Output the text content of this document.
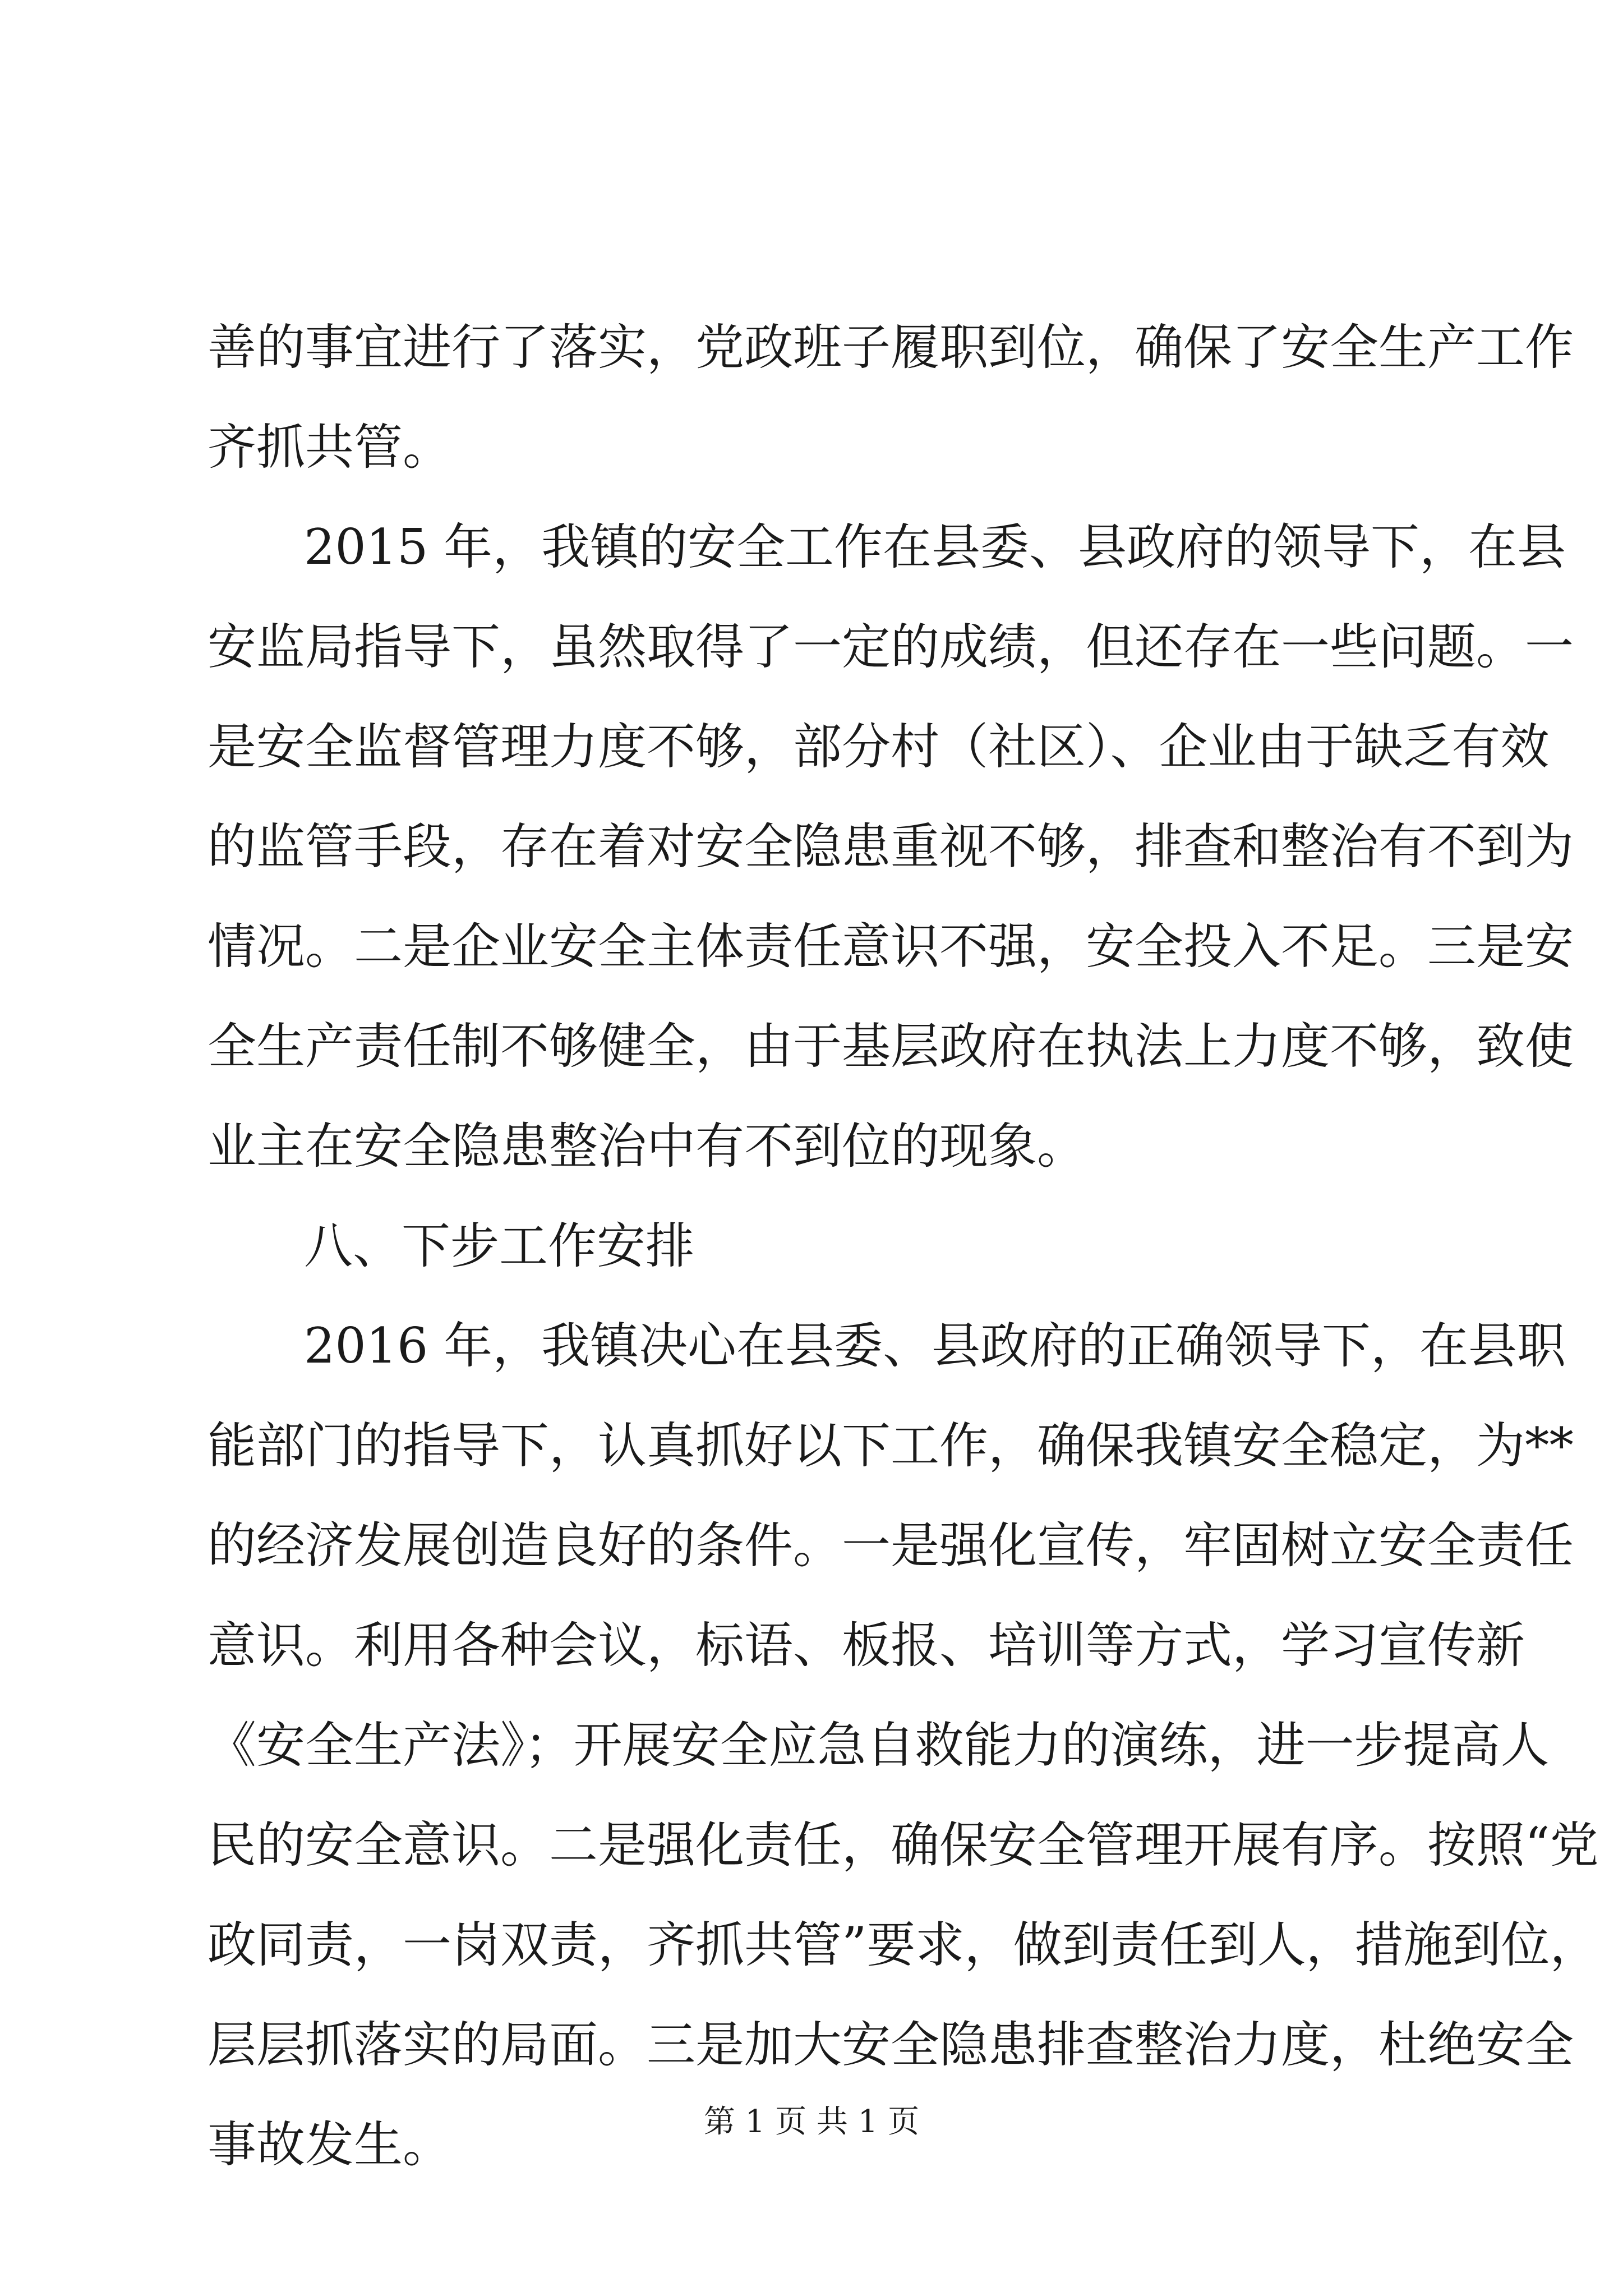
善的事宜进行了落实，党政班子履职到位，确保了安全生产工作
齐抓共管。
2015 年，我镇的安全工作在县委、县政府的领导下，在县
安监局指导下，虽然取得了一定的成绩，但还存在一些问题。一
是安全监督管理力度不够，部分村（社区）、企业由于缺乏有效
的监管手段，存在着对安全隐患重视不够，排查和整治有不到为
情况。二是企业安全主体责任意识不强，安全投入不足。三是安
全生产责任制不够健全，由于基层政府在执法上力度不够，致使
业主在安全隐患整治中有不到位的现象。
八、下步工作安排
2016 年，我镇决心在县委、县政府的正确领导下，在县职
能部门的指导下，认真抓好以下工作，确保我镇安全稳定，为**
的经济发展创造良好的条件。一是强化宣传，牢固树立安全责任
意识。利用各种会议，标语、板报、培训等方式，学习宣传新
《安全生产法》；开展安全应急自救能力的演练，进一步提高人
民的安全意识。二是强化责任，确保安全管理开展有序。按照“党
政同责，一岗双责，齐抓共管”要求，做到责任到人，措施到位，
层层抓落实的局面。三是加大安全隐患排查整治力度，杜绝安全
事故发生。	第 1 页 共 1 页
